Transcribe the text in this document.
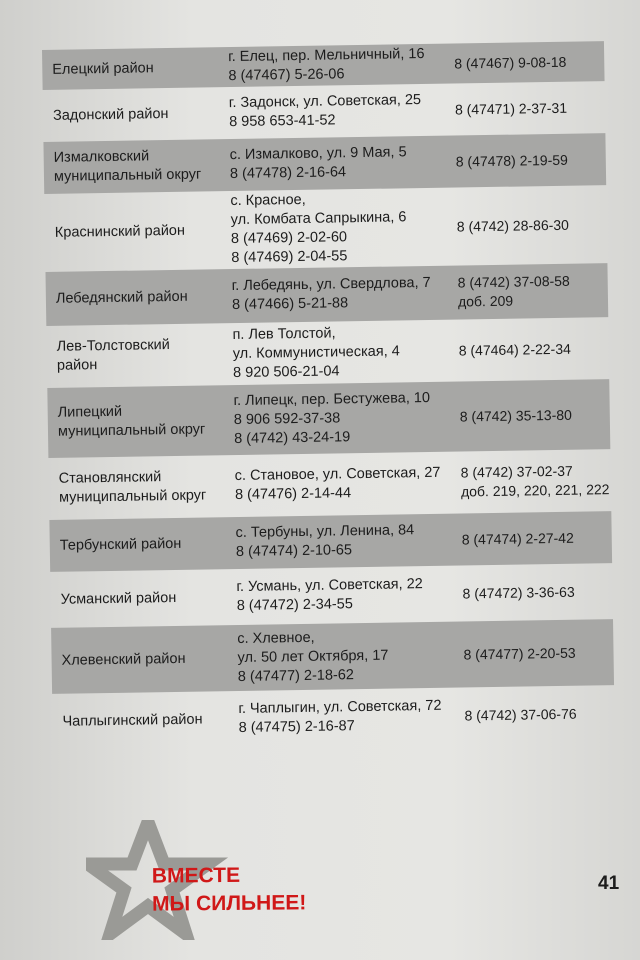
Елецкий район
г. Елец, пер. Мельничный, 16
8 (47467) 5-26-06
8 (47467) 9-08-18
Задонский район
г. Задонск, ул. Советская, 25
8 958 653-41-52
8 (47471) 2-37-31
Измалковский
муниципальный округ
с. Измалково, ул. 9 Мая, 5
8 (47478) 2-16-64
8 (47478) 2-19-59
Краснинский район
с. Красное,
ул. Комбата Сапрыкина, 6
8 (47469) 2-02-60
8 (47469) 2-04-55
8 (4742) 28-86-30
Лебедянский район
г. Лебедянь, ул. Свердлова, 7
8 (47466) 5-21-88
8 (4742) 37-08-58
доб. 209
Лев-Толстовский
район
п. Лев Толстой,
ул. Коммунистическая, 4
8 920 506-21-04
8 (47464) 2-22-34
Липецкий
муниципальный округ
г. Липецк, пер. Бестужева, 10
8 906 592-37-38
8 (4742) 43-24-19
8 (4742) 35-13-80
Становлянский
муниципальный округ
с. Становое, ул. Советская, 27
8 (47476) 2-14-44
8 (4742) 37-02-37
доб. 219, 220, 221, 222
Тербунский район
с. Тербуны, ул. Ленина, 84
8 (47474) 2-10-65
8 (47474) 2-27-42
Усманский район
г. Усмань, ул. Советская, 22
8 (47472) 2-34-55
8 (47472) 3-36-63
Хлевенский район
с. Хлевное,
ул. 50 лет Октября, 17
8 (47477) 2-18-62
8 (47477) 2-20-53
Чаплыгинский район
г. Чаплыгин, ул. Советская, 72
8 (47475) 2-16-87
8 (4742) 37-06-76
ВМЕСТЕ
МЫ СИЛЬНЕЕ!
41
